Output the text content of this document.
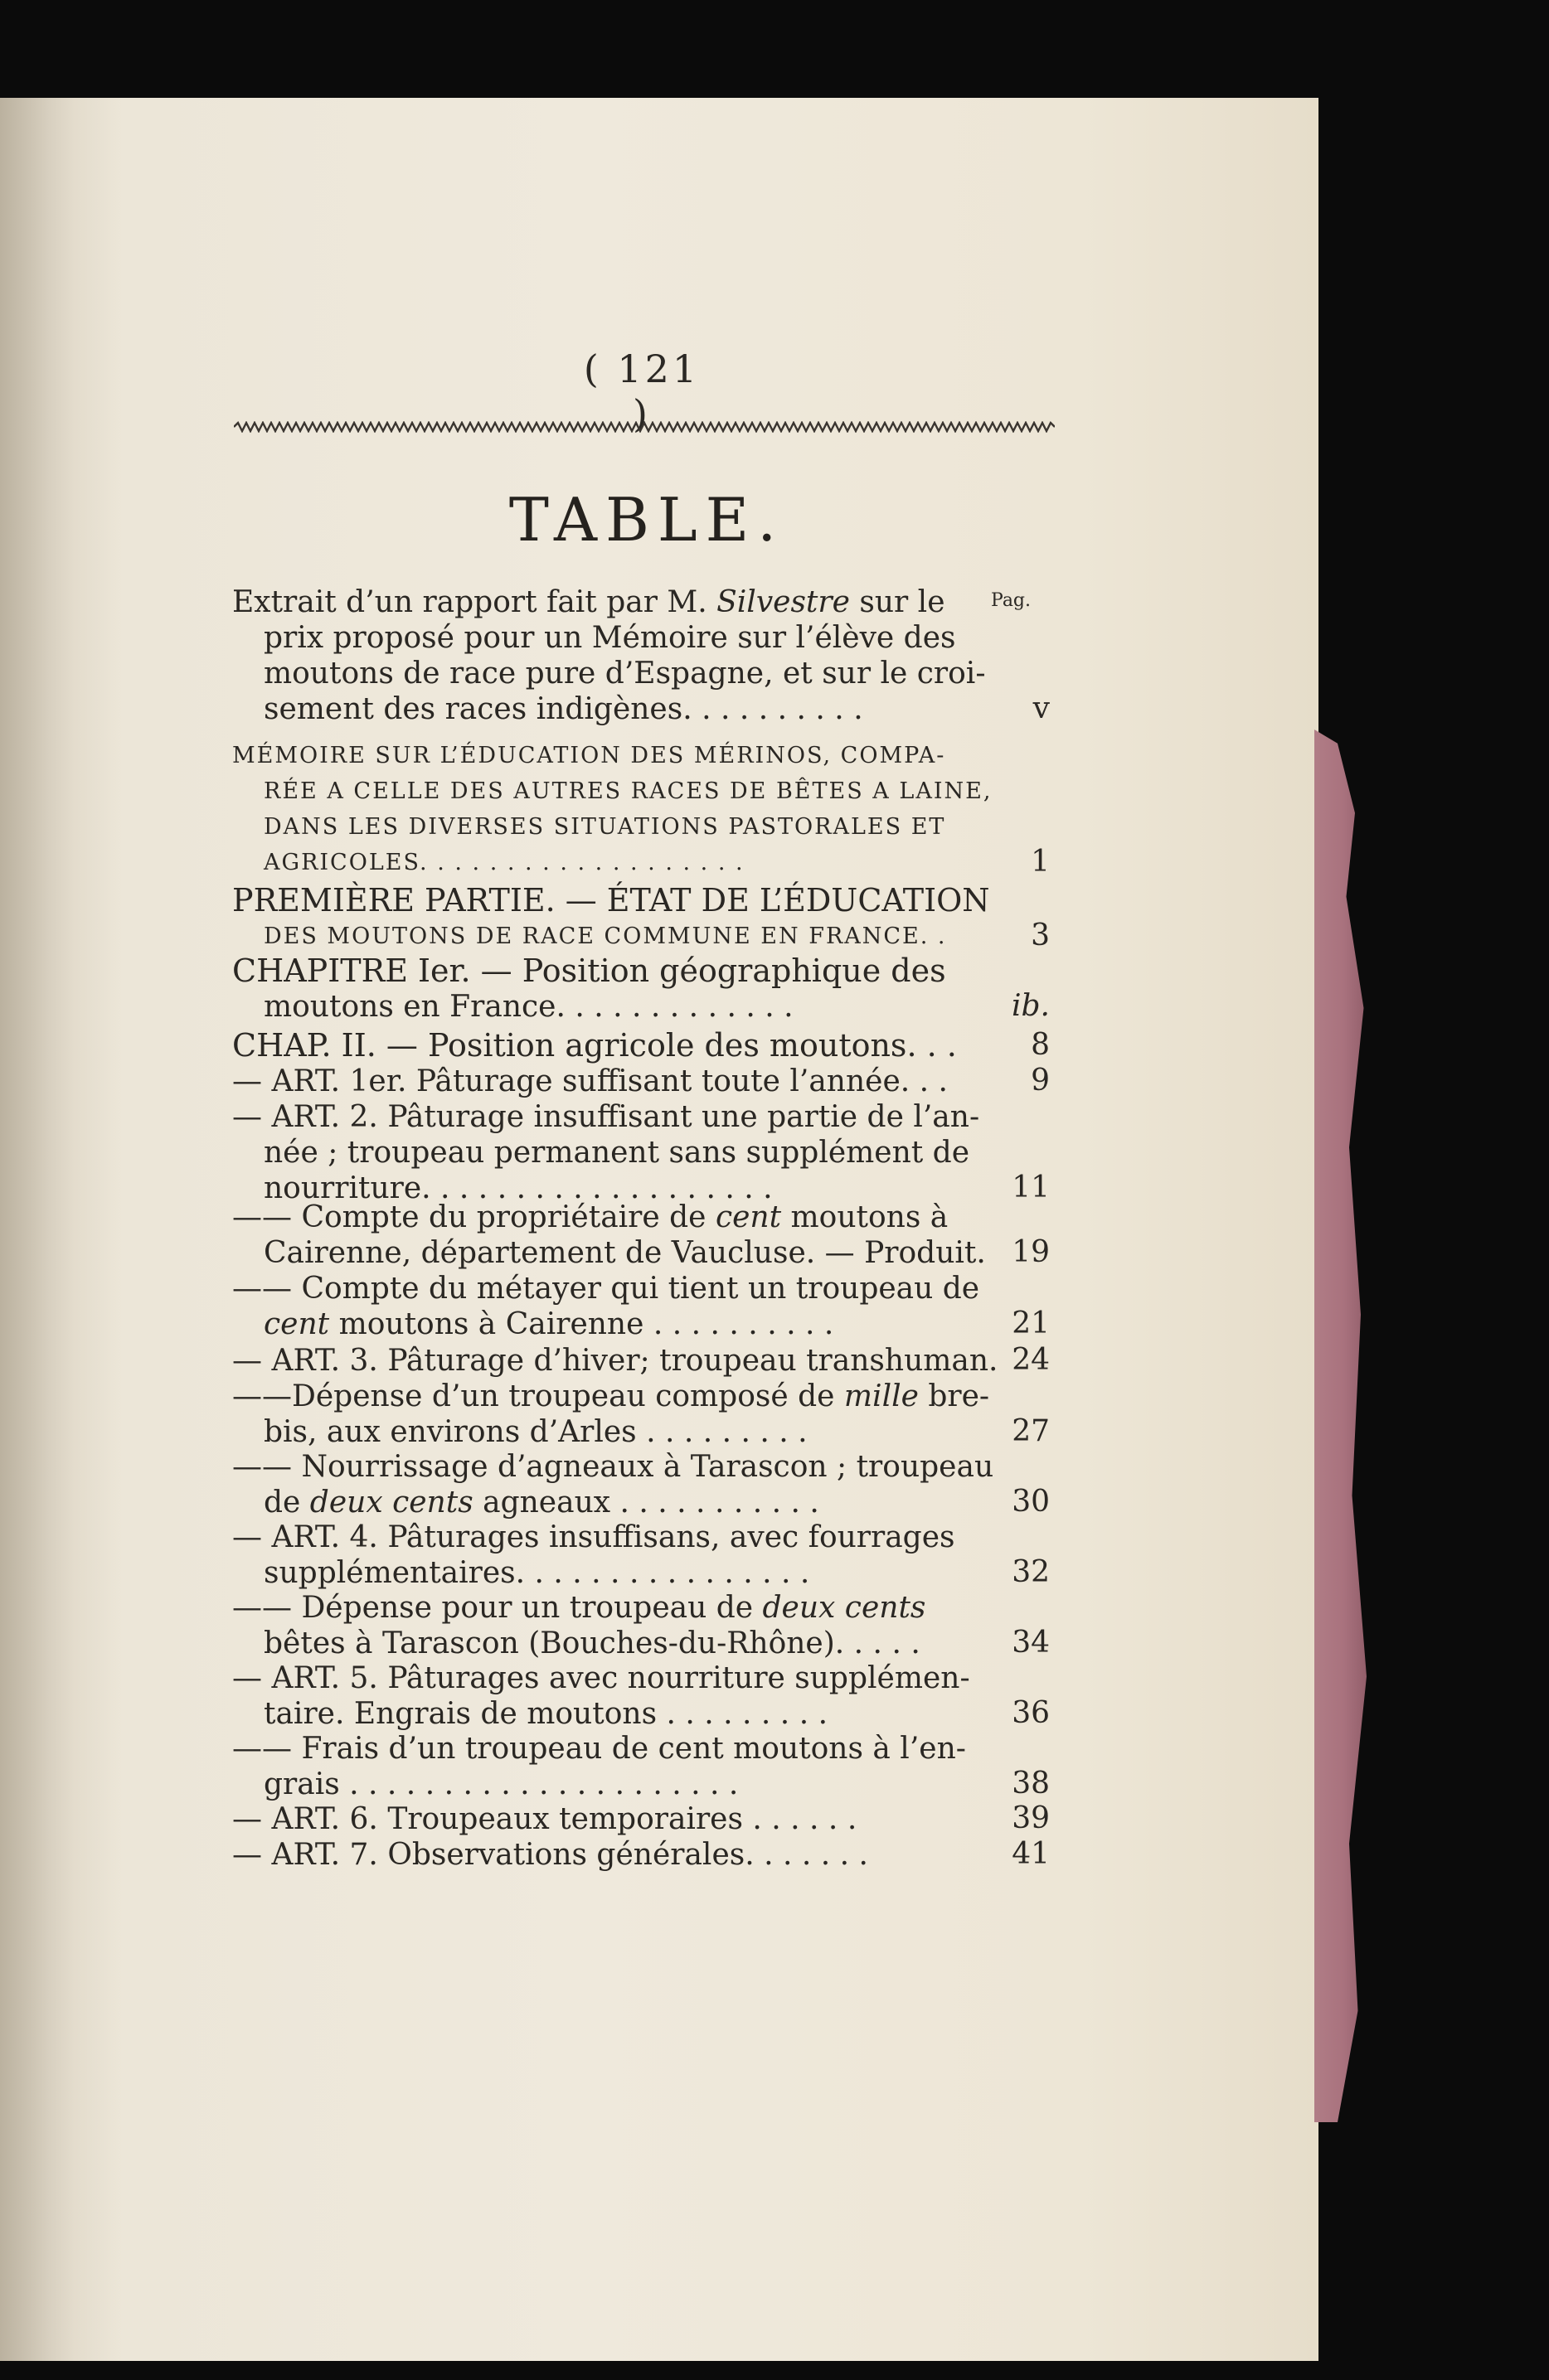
( 121 )
TABLE.
Pag.
Extrait d’un rapport fait par M. Silvestre sur le
prix proposé pour un Mémoire sur l’élève des
moutons de race pure d’Espagne, et sur le croi-
sement des races indigènes. . . . . . . . . .	v
MÉMOIRE SUR L’ÉDUCATION DES MÉRINOS, COMPA-
RÉE A CELLE DES AUTRES RACES DE BÊTES A LAINE,
DANS LES DIVERSES SITUATIONS PASTORALES ET
AGRICOLES. . . . . . . . . . . . . . . . . . .	1
PREMIÈRE PARTIE. — ÉTAT DE L’ÉDUCATION
DES MOUTONS DE RACE COMMUNE EN FRANCE. .	3
CHAPITRE Ier. — Position géographique des
moutons en France. . . . . . . . . . . . .	ib.
CHAP. II. — Position agricole des moutons. . .	8
— ART. 1er. Pâturage suffisant toute l’année. . .	9
— ART. 2. Pâturage insuffisant une partie de l’an-
née ; troupeau permanent sans supplément de
nourriture. . . . . . . . . . . . . . . . . . .	11
—— Compte du propriétaire de cent moutons à
Cairenne, département de Vaucluse. — Produit. 19
—— Compte du métayer qui tient un troupeau de
cent moutons à Cairenne . . . . . . . . . .	21
— ART. 3. Pâturage d’hiver; troupeau transhuman. 24
——Dépense d’un troupeau composé de mille bre-
bis, aux environs d’Arles . . . . . . . . .	27
—— Nourrissage d’agneaux à Tarascon ; troupeau
de deux cents agneaux . . . . . . . . . . .	30
— ART. 4. Pâturages insuffisans, avec fourrages
supplémentaires. . . . . . . . . . . . . . . .	32
—— Dépense pour un troupeau de deux cents
bêtes à Tarascon (Bouches-du-Rhône). . . . .	34
— ART. 5. Pâturages avec nourriture supplémen-
taire. Engrais de moutons . . . . . . . . .	36
—— Frais d’un troupeau de cent moutons à l’en-
grais . . . . . . . . . . . . . . . . . . . . .	38
— ART. 6. Troupeaux temporaires . . . . . .	39
— ART. 7. Observations générales. . . . . . .	41
